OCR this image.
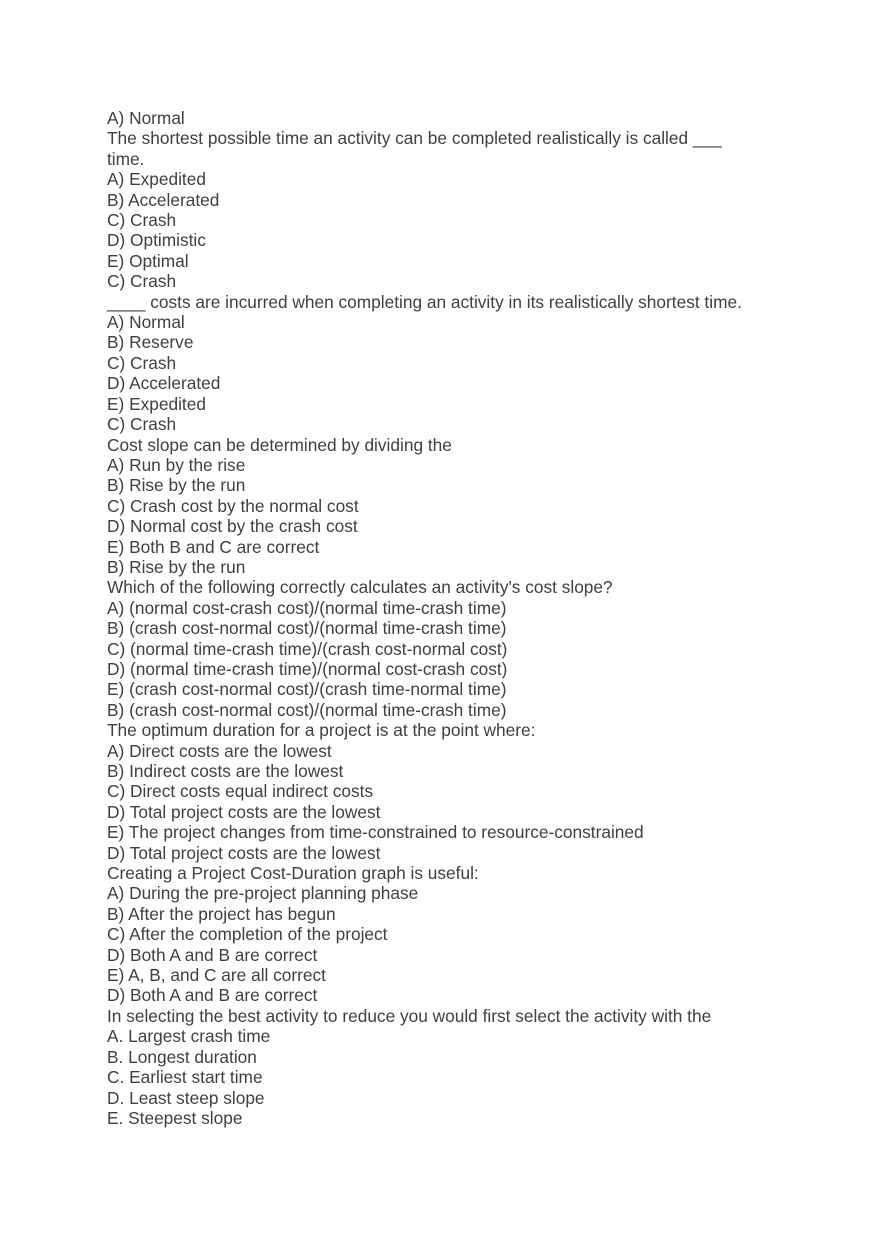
A) Normal
The shortest possible time an activity can be completed realistically is called ___
time.
A) Expedited
B) Accelerated
C) Crash
D) Optimistic
E) Optimal
C) Crash
____ costs are incurred when completing an activity in its realistically shortest time.
A) Normal
B) Reserve
C) Crash
D) Accelerated
E) Expedited
C) Crash
Cost slope can be determined by dividing the
A) Run by the rise
B) Rise by the run
C) Crash cost by the normal cost
D) Normal cost by the crash cost
E) Both B and C are correct
B) Rise by the run
Which of the following correctly calculates an activity's cost slope?
A) (normal cost-crash cost)/(normal time-crash time)
B) (crash cost-normal cost)/(normal time-crash time)
C) (normal time-crash time)/(crash cost-normal cost)
D) (normal time-crash time)/(normal cost-crash cost)
E) (crash cost-normal cost)/(crash time-normal time)
B) (crash cost-normal cost)/(normal time-crash time)
The optimum duration for a project is at the point where:
A) Direct costs are the lowest
B) Indirect costs are the lowest
C) Direct costs equal indirect costs
D) Total project costs are the lowest
E) The project changes from time-constrained to resource-constrained
D) Total project costs are the lowest
Creating a Project Cost-Duration graph is useful:
A) During the pre-project planning phase
B) After the project has begun
C) After the completion of the project
D) Both A and B are correct
E) A, B, and C are all correct
D) Both A and B are correct
In selecting the best activity to reduce you would first select the activity with the
A. Largest crash time
B. Longest duration
C. Earliest start time
D. Least steep slope
E. Steepest slope
